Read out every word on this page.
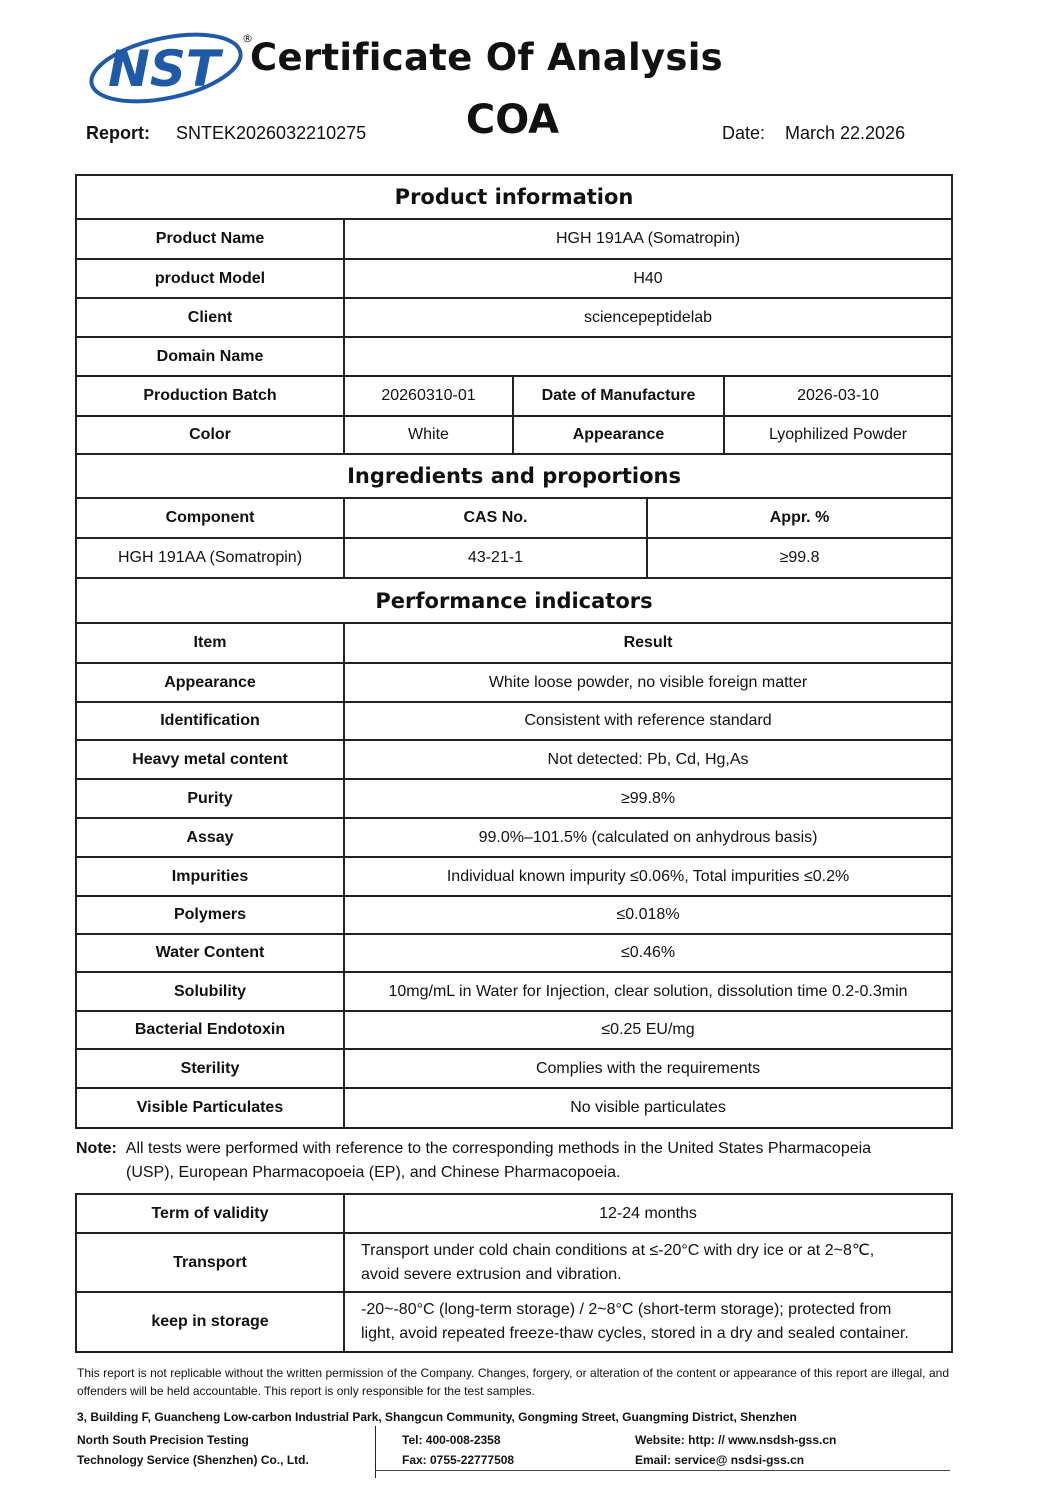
NST
®
Certificate Of Analysis
COA
Report: SNTEK2026032210275	Date: March 22.2026
Product information				
Product Name	HGH 191AA (Somatropin)			
product Model	H40			
Client	sciencepeptidelab			
Domain Name				
Production Batch	20260310-01	Date of Manufacture		2026-03-10
Color	White	Appearance		Lyophilized Powder
Ingredients and proportions				
Component	CAS No.		Appr. %	
HGH 191AA (Somatropin)	43-21-1		≥99.8	
Performance indicators				
Item	Result			
Appearance	White loose powder, no visible foreign matter			
Identification	Consistent with reference standard			
Heavy metal content	Not detected: Pb, Cd, Hg,As			
Purity	≥99.8%			
Assay	99.0%–101.5% (calculated on anhydrous basis)			
Impurities	Individual known impurity ≤0.06%, Total impurities ≤0.2%			
Polymers	≤0.018%			
Water Content	≤0.46%			
Solubility	10mg/mL in Water for Injection, clear solution, dissolution time 0.2-0.3min			
Bacterial Endotoxin	≤0.25 EU/mg			
Sterility	Complies with the requirements			
Visible Particulates	No visible particulates			

Note: All tests were performed with reference to the corresponding methods in the United States Pharmacopeia
(USP), European Pharmacopoeia (EP), and Chinese Pharmacopoeia.				

Term of validity	12-24 months			
Transport	Transport under cold chain conditions at ≤-20°C with dry ice or at 2~8℃,
avoid severe extrusion and vibration.			

keep in storage	-20~-80°C (long-term storage) / 2~8°C (short-term storage); protected from
light, avoid repeated freeze-thaw cycles, stored in a dry and sealed container.			
This report is not replicable without the written permission of the Company. Changes, forgery, or alteration of the content or appearance of this report are illegal, and offenders will be held accountable. This report is only responsible for the test samples.
3, Building F, Guancheng Low-carbon Industrial Park, Shangcun Community, Gongming Street, Guangming District, Shenzhen
North South Precision Testing
Technology Service (Shenzhen) Co., Ltd.
Tel: 400-008-2358
Fax: 0755-22777508
Website: http: // www.nsdsh-gss.cn
Email: service@ nsdsi-gss.cn
